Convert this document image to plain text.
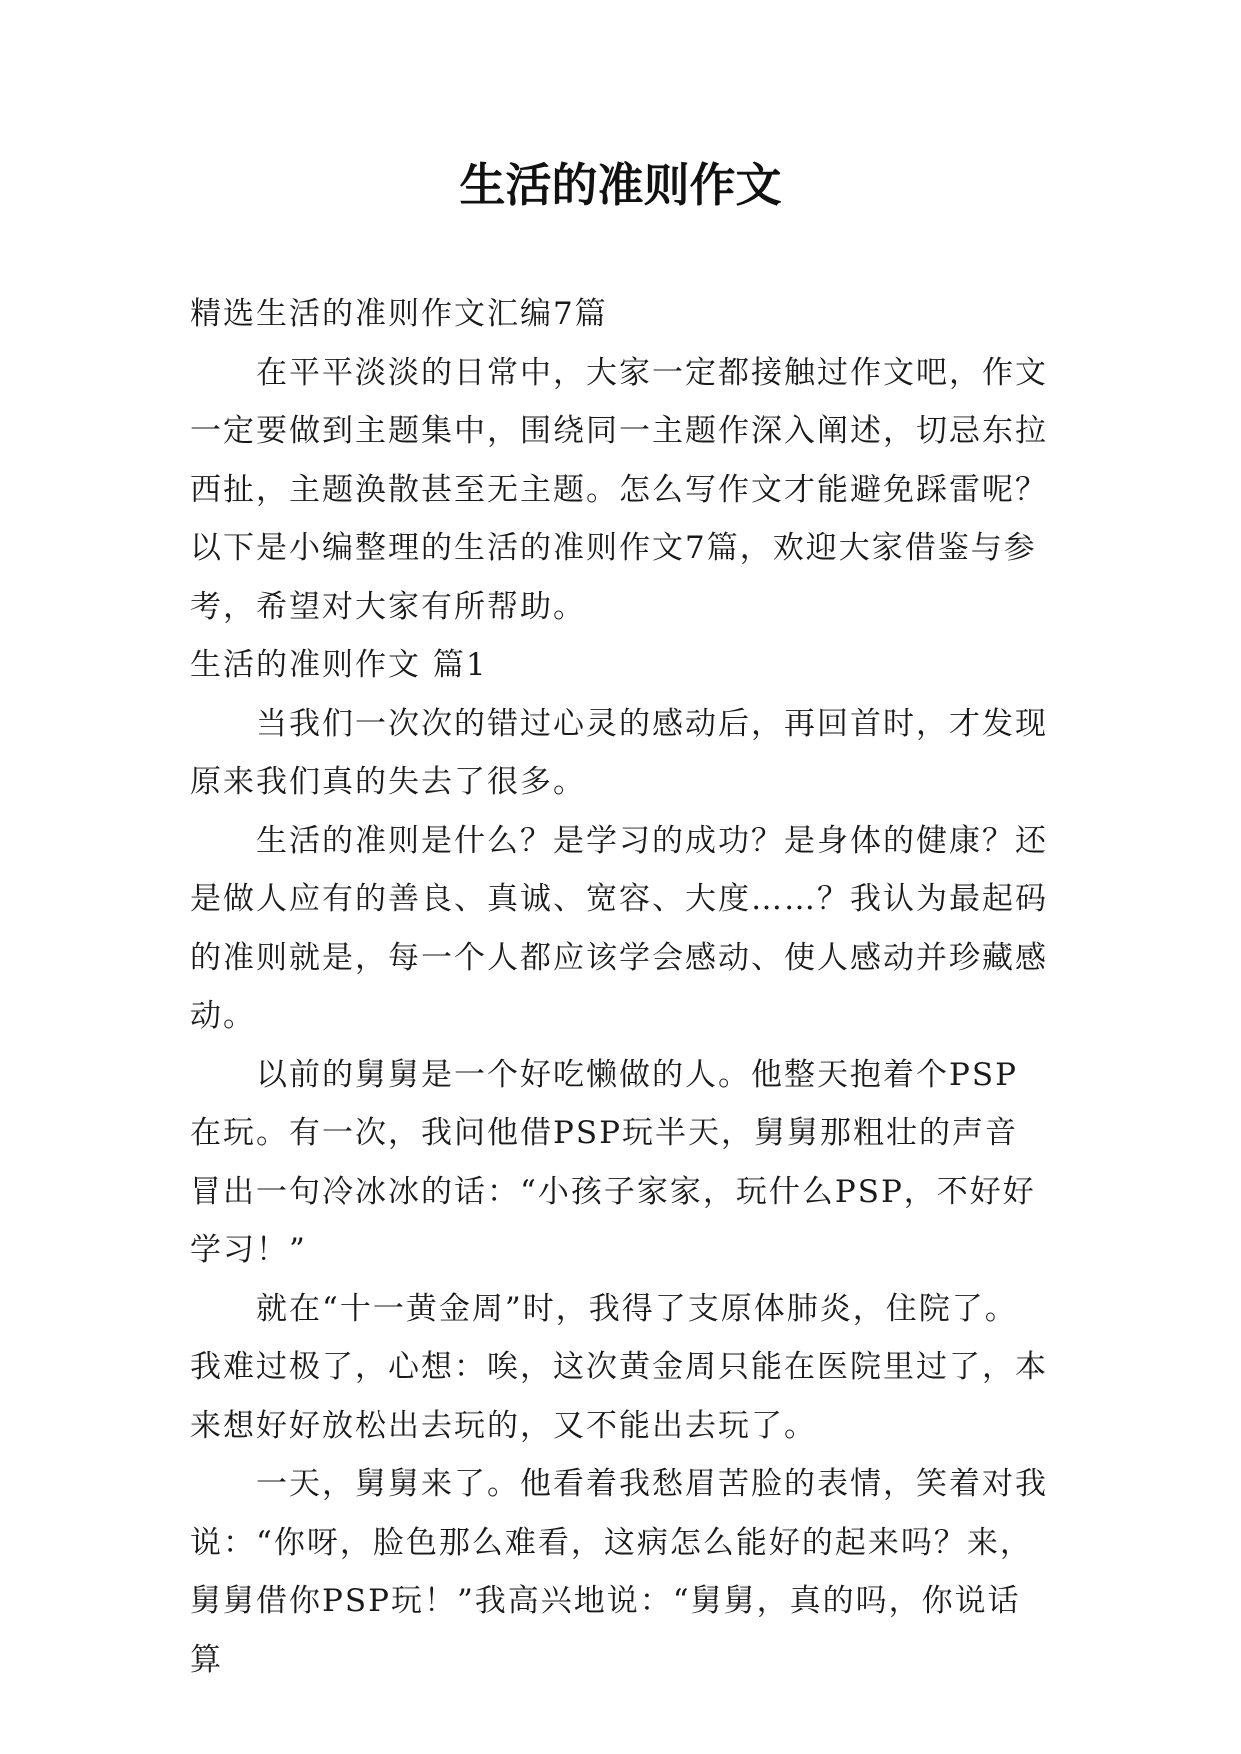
生活的准则作文

精选生活的准则作文汇编7篇

在平平淡淡的日常中，大家一定都接触过作文吧，作文一定要做到主题集中，围绕同一主题作深入阐述，切忌东拉西扯，主题涣散甚至无主题。怎么写作文才能避免踩雷呢？以下是小编整理的生活的准则作文7篇，欢迎大家借鉴与参考，希望对大家有所帮助。

生活的准则作文 篇1

当我们一次次的错过心灵的感动后，再回首时，才发现原来我们真的失去了很多。

生活的准则是什么？是学习的成功？是身体的健康？还是做人应有的善良、真诚、宽容、大度……？我认为最起码的准则就是，每一个人都应该学会感动、使人感动并珍藏感动。

以前的舅舅是一个好吃懒做的人。他整天抱着个PSP在玩。有一次，我问他借PSP玩半天，舅舅那粗壮的声音冒出一句冷冰冰的话：“小孩子家家，玩什么PSP，不好好学习！”

就在“十一黄金周”时，我得了支原体肺炎，住院了。我难过极了，心想：唉，这次黄金周只能在医院里过了，本来想好好放松出去玩的，又不能出去玩了。

一天，舅舅来了。他看着我愁眉苦脸的表情，笑着对我说：“你呀，脸色那么难看，这病怎么能好的起来吗？来，舅舅借你PSP玩！”我高兴地说：“舅舅，真的吗，你说话算
